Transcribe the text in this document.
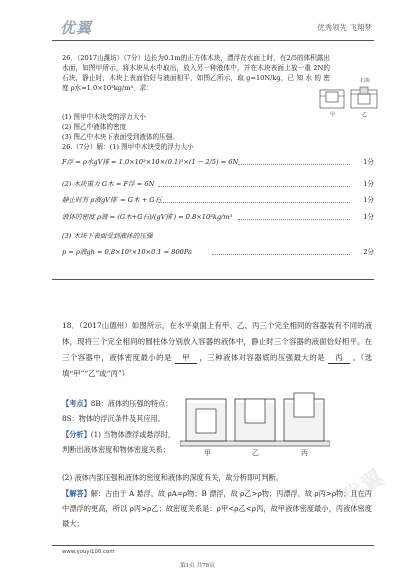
优翼	优秀领先 飞翔梦
26．（2017山潍坊）（7分）边长为0.1m的正方体木块，漂浮在水面上时，有2/5的体积露出水面，如图甲所示，将木块从水中取出，放入另一种液体中，并在木块表面上放一重 2N的石块，静止时，木块上表面恰好与液面相平，如图乙所示，取 g=10N/kg，已 知 水 的 密 度 ρ水=1.0×10³kg/m³，求：
石块
甲	乙
(1) 图甲中木块受的浮力大小
(2) 图乙中液体的密度
(3) 图乙中木块下表面受到液体的压强。
26.（7分）解：(1) 图甲中木块受的浮力大小
F浮 = ρ水gV排 = 1.0×10³×10×(0.1)³×(1 − 2/5) = 6N	1分
(2) 木块重力 G木 = F浮 = 6N	1分
静止时有 ρ液gV排′ = G木 + G石	1分
液体的密度 ρ液 = (G木+G石)/(gV排′) = 0.8×10³kg/m³	1分
(3) 木块下表面受到液体的压强
p = ρ液gh = 0.8×10³×10×0.1 = 800Pa	2分
18．（2017山德州）如图所示，在水平桌面上有甲、乙、丙三个完全相同的容器装有不同的液体，现将三个完全相同的圆柱体分别放入容器的液体中，静止时三个容器的液面恰好相平。在三个容器中，液体密度最小的是 甲 ，三种液体对容器底的压强最大的是 丙 。（选填“甲”“乙”或“丙”）
【考点】8B：液体的压强的特点；8S：物体的浮沉条件及其应用。
【分析】(1) 当物体漂浮或悬浮时，判断出液体密度和物体密度关系；	甲	乙	丙
(2) 液体内部压强和液体的密度和液体的深度有关，故分析即可判断。
【解答】解：古由于 A 悬浮，故 ρA=ρ物；B 漂浮，故 ρ乙>ρ物；丙漂浮，故 ρ丙>ρ物；且在丙中漂浮的更高，所以 ρ丙>ρ乙；故密度关系是：ρ甲<ρ乙<ρ丙，故甲液体密度最小，丙液体密度最大；
优翼
www.youyi100.com
第1页 共78页
